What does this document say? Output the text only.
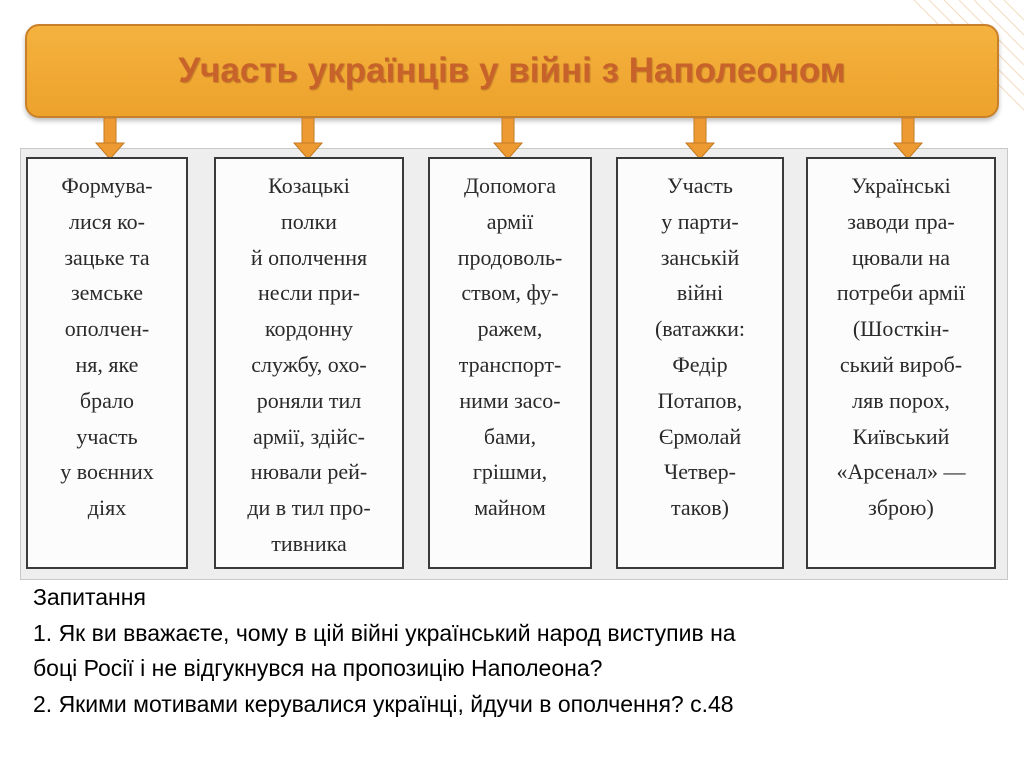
Участь українців у війні з Наполеоном
Формува-
лися ко-
зацьке та
земське
ополчен-
ня, яке
брало
участь
у воєнних
діях
Козацькі
полки
й ополчення
несли при-
кордонну
службу, охо-
роняли тил
армії, здійс-
нювали рей-
ди в тил про-
тивника
Допомога
армії
продоволь-
ством, фу-
ражем,
транспорт-
ними засо-
бами,
грішми,
майном
Участь
у парти-
занській
війні
(ватажки:
Федір
Потапов,
Єрмолай
Четвер-
таков)
Українські
заводи пра-
цювали на
потреби армії
(Шосткін-
ський вироб-
ляв порох,
Київський
«Арсенал» —
зброю)
Запитання
1. Як ви вважаєте, чому в цій війні український народ виступив на
боці Росії і не відгукнувся на пропозицію Наполеона?
2. Якими мотивами керувалися українці, йдучи в ополчення? с.48
